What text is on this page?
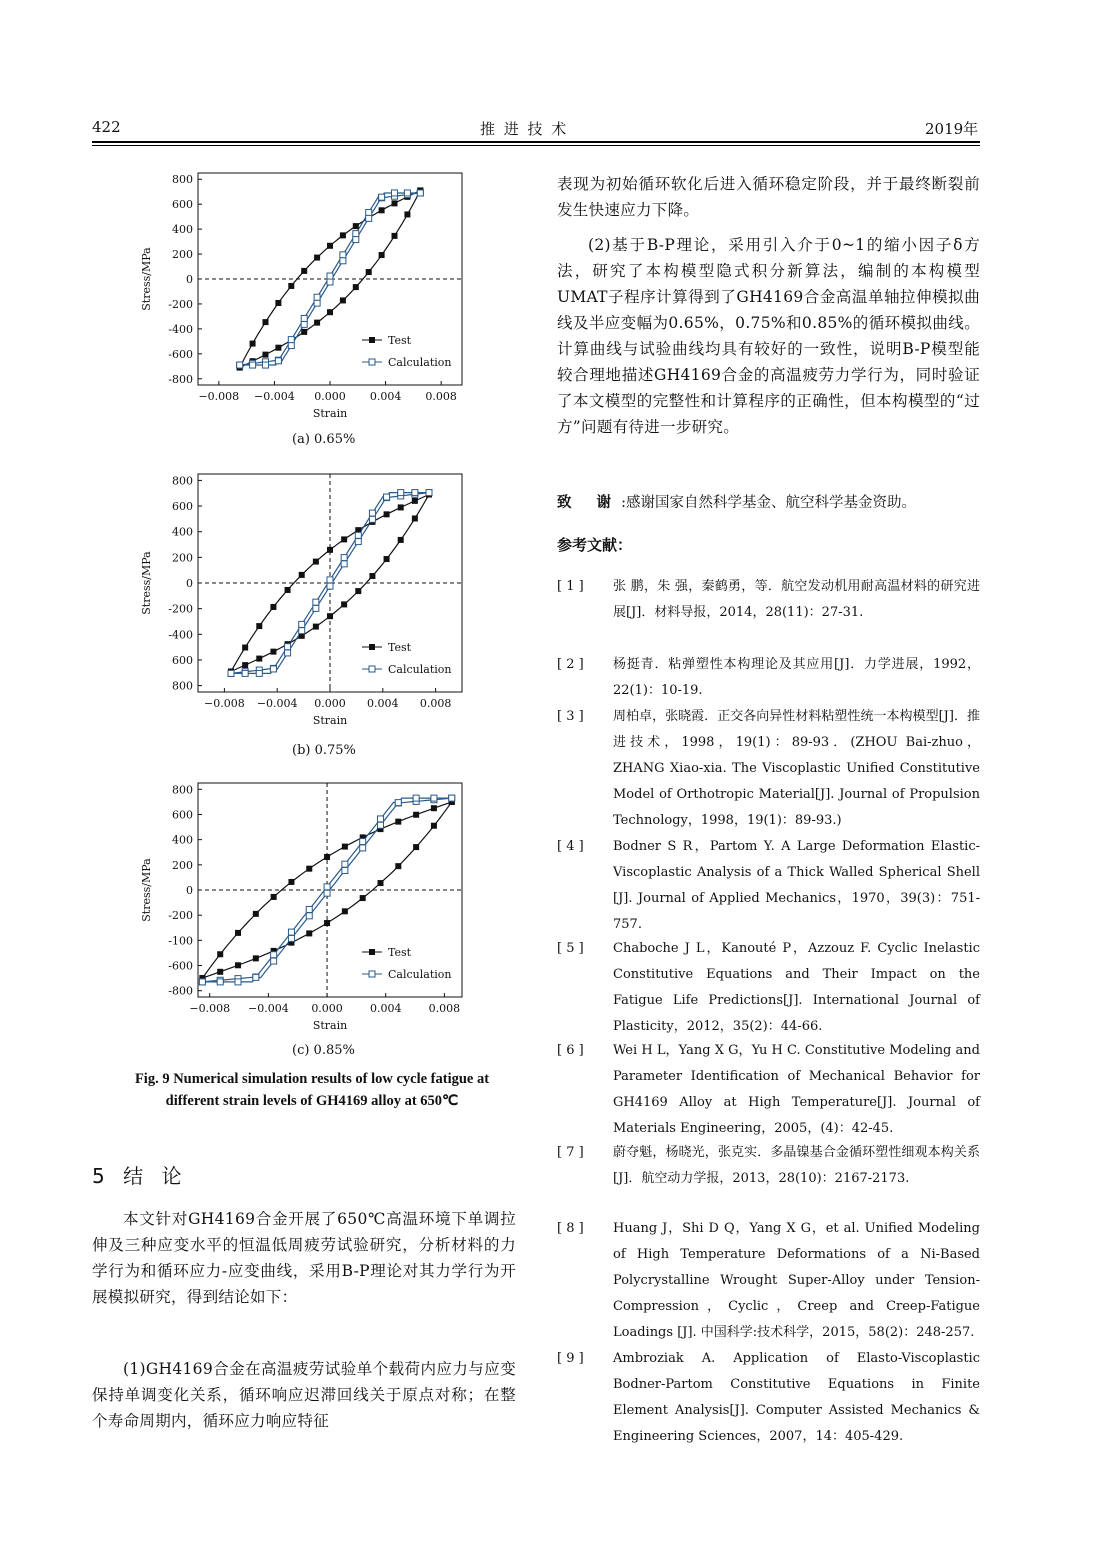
422	推 进 技 术	2019年
800
600
400
200
0
-200
-400
-600
-800
−0.008 −0.004 0.000 0.004 0.008
Strain
Stress/MPa
Test
Calculation
(a) 0.65%
800
600
400
200
0
-200
-400
600
800
−0.008 −0.004 0.000 0.004 0.008
Strain
Stress/MPa
Test
Calculation
(b) 0.75%
800
600
400
200
0
-200
-100
-600
-800
−0.008 −0.004 0.000 0.004 0.008
Strain
Stress/MPa
Test
Calculation
(c) 0.85%
Fig. 9 Numerical simulation results of low cycle fatigue at
different strain levels of GH4169 alloy at 650℃
5 结 论
本文针对GH4169合金开展了650℃高温环境下单调拉伸及三种应变水平的恒温低周疲劳试验研究，分析材料的力学行为和循环应力-应变曲线，采用B-P理论对其力学行为开展模拟研究，得到结论如下：
(1)GH4169合金在高温疲劳试验单个载荷内应力与应变保持单调变化关系，循环响应迟滞回线关于原点对称；在整个寿命周期内，循环应力响应特征
表现为初始循环软化后进入循环稳定阶段，并于最终断裂前发生快速应力下降。
(2)基于B-P理论，采用引入介于0~1的缩小因子δ方法，研究了本构模型隐式积分新算法，编制的本构模型UMAT子程序计算得到了GH4169合金高温单轴拉伸模拟曲线及半应变幅为0.65%，0.75%和0.85%的循环模拟曲线。计算曲线与试验曲线均具有较好的一致性，说明B-P模型能较合理地描述GH4169合金的高温疲劳力学行为，同时验证了本文模型的完整性和计算程序的正确性，但本构模型的“过方”问题有待进一步研究。
致 谢:感谢国家自然科学基金、航空科学基金资助。
参考文献：
[ 1 ]	张 鹏，朱 强，秦鹤勇，等．航空发动机用耐高温材料的研究进展[J]．材料导报，2014，28(11)：27-31.
[ 2 ]	杨挺青．粘弹塑性本构理论及其应用[J]．力学进展，1992，22(1)：10-19.
[ 3 ]	周柏卓，张晓霞．正交各向异性材料粘塑性统一本构模型[J]．推进技术，1998，19(1)：89-93．(ZHOU Bai-zhuo，ZHANG Xiao-xia. The Viscoplastic Unified Constitutive Model of Orthotropic Material[J]. Journal of Propulsion Technology，1998，19(1)：89-93.)
[ 4 ]	Bodner S R，Partom Y. A Large Deformation Elastic-Viscoplastic Analysis of a Thick Walled Spherical Shell [J]. Journal of Applied Mechanics，1970，39(3)：751-757.
[ 5 ]	Chaboche J L，Kanouté P，Azzouz F. Cyclic Inelastic Constitutive Equations and Their Impact on the Fatigue Life Predictions[J]. International Journal of Plasticity，2012，35(2)：44-66.
[ 6 ]	Wei H L，Yang X G，Yu H C. Constitutive Modeling and Parameter Identification of Mechanical Behavior for GH4169 Alloy at High Temperature[J]. Journal of Materials Engineering，2005，(4)：42-45.
[ 7 ]	蔚夺魁，杨晓光，张克实．多晶镍基合金循环塑性细观本构关系[J]．航空动力学报，2013，28(10)：2167-2173.
[ 8 ]	Huang J，Shi D Q，Yang X G，et al. Unified Modeling of High Temperature Deformations of a Ni-Based Polycrystalline Wrought Super-Alloy under Tension-Compression，Cyclic，Creep and Creep-Fatigue Loadings [J]. 中国科学:技术科学，2015，58(2)：248-257.
[ 9 ]	Ambroziak A. Application of Elasto-Viscoplastic Bodner-Partom Constitutive Equations in Finite Element Analysis[J]. Computer Assisted Mechanics & Engineering Sciences，2007，14：405-429.
